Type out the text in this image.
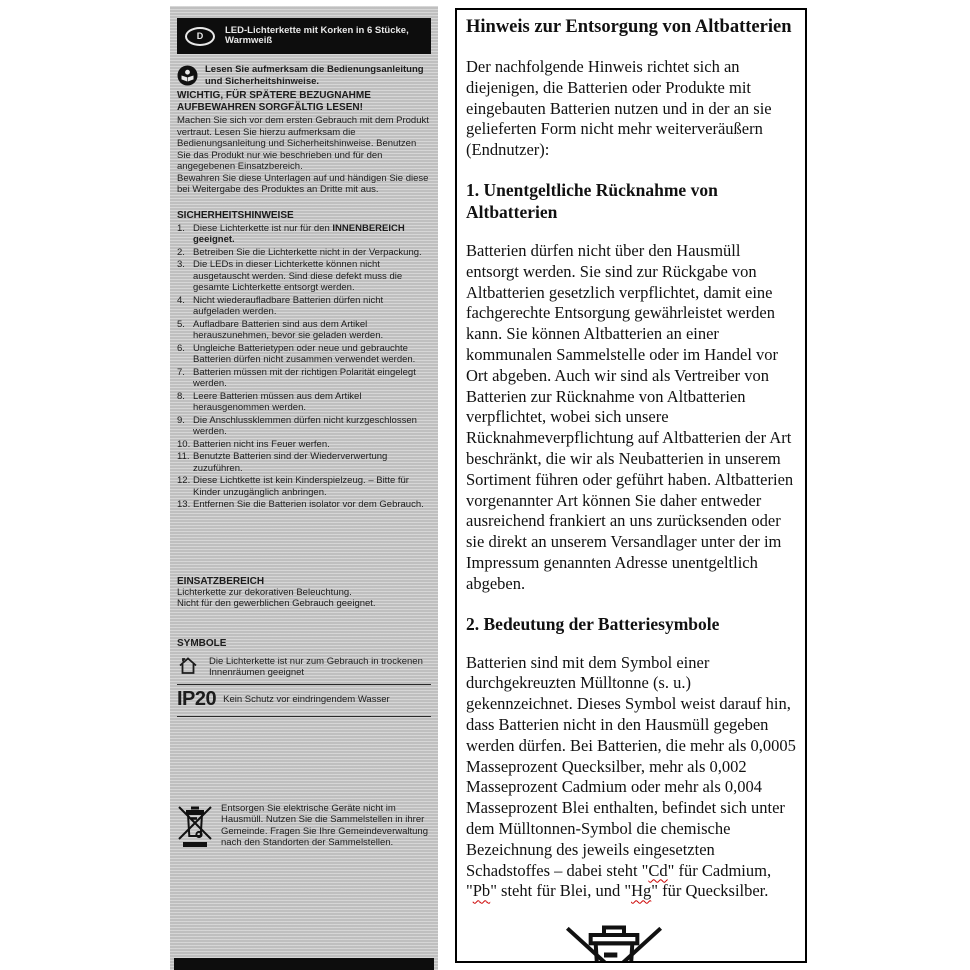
D
LED-Lichterkette mit Korken in 6 Stücke, Warmweiß
Lesen Sie aufmerksam die Bedienungsanleitung und Sicherheitshinweise.
WICHTIG, FÜR SPÄTERE BEZUGNAHME
AUFBEWAHREN SORGFÄLTIG LESEN!
Machen Sie sich vor dem ersten Gebrauch mit dem Produkt vertraut. Lesen Sie hierzu aufmerksam die Bedienungsanleitung und Sicherheitshinweise. Benutzen Sie das Produkt nur wie beschrieben und für den angegebenen Einsatzbereich.
Bewahren Sie diese Unterlagen auf und händigen Sie diese bei Weitergabe des Produktes an Dritte mit aus.
SICHERHEITSHINWEISE
1. Diese Lichterkette ist nur für den INNENBEREICH geeignet.
2. Betreiben Sie die Lichterkette nicht in der Verpackung.
3. Die LEDs in dieser Lichterkette können nicht ausgetauscht werden. Sind diese defekt muss die gesamte Lichterkette entsorgt werden.
4. Nicht wiederaufladbare Batterien dürfen nicht aufgeladen werden.
5. Aufladbare Batterien sind aus dem Artikel herauszunehmen, bevor sie geladen werden.
6. Ungleiche Batterietypen oder neue und gebrauchte Batterien dürfen nicht zusammen verwendet werden.
7. Batterien müssen mit der richtigen Polarität eingelegt werden.
8. Leere Batterien müssen aus dem Artikel herausgenommen werden.
9. Die Anschlussklemmen dürfen nicht kurzgeschlossen werden.
10. Batterien nicht ins Feuer werfen.
11. Benutzte Batterien sind der Wiederverwertung zuzuführen.
12. Diese Lichtkette ist kein Kinderspielzeug. – Bitte für Kinder unzugänglich anbringen.
13. Entfernen Sie die Batterien isolator vor dem Gebrauch.
EINSATZBEREICH
Lichterkette zur dekorativen Beleuchtung.
Nicht für den gewerblichen Gebrauch geeignet.
SYMBOLE
Die Lichterkette ist nur zum Gebrauch in trockenen Innenräumen geeignet
IP20 Kein Schutz vor eindringendem Wasser
Entsorgen Sie elektrische Geräte nicht im Hausmüll. Nutzen Sie die Sammelstellen in ihrer Gemeinde. Fragen Sie Ihre Gemeindeverwaltung nach den Standorten der Sammelstellen.
Hinweis zur Entsorgung von Altbatterien

Der nachfolgende Hinweis richtet sich an diejenigen, die Batterien oder Produkte mit eingebauten Batterien nutzen und in der an sie gelieferten Form nicht mehr weiterveräußern (Endnutzer):

1. Unentgeltliche Rücknahme von Altbatterien

Batterien dürfen nicht über den Hausmüll entsorgt werden. Sie sind zur Rückgabe von Altbatterien gesetzlich verpflichtet, damit eine fachgerechte Entsorgung gewährleistet werden kann. Sie können Altbatterien an einer kommunalen Sammelstelle oder im Handel vor Ort abgeben. Auch wir sind als Vertreiber von Batterien zur Rücknahme von Altbatterien verpflichtet, wobei sich unsere Rücknahmeverpflichtung auf Altbatterien der Art beschränkt, die wir als Neubatterien in unserem Sortiment führen oder geführt haben. Altbatterien vorgenannter Art können Sie daher entweder ausreichend frankiert an uns zurücksenden oder sie direkt an unserem Versandlager unter der im Impressum genannten Adresse unentgeltlich abgeben.

2. Bedeutung der Batteriesymbole

Batterien sind mit dem Symbol einer durchgekreuzten Mülltonne (s. u.) gekennzeichnet. Dieses Symbol weist darauf hin, dass Batterien nicht in den Hausmüll gegeben werden dürfen. Bei Batterien, die mehr als 0,0005 Masseprozent Quecksilber, mehr als 0,002 Masseprozent Cadmium oder mehr als 0,004 Masseprozent Blei enthalten, befindet sich unter dem Mülltonnen-Symbol die chemische Bezeichnung des jeweils eingesetzten Schadstoffes – dabei steht "Cd" für Cadmium, "Pb" steht für Blei, und "Hg" für Quecksilber.
